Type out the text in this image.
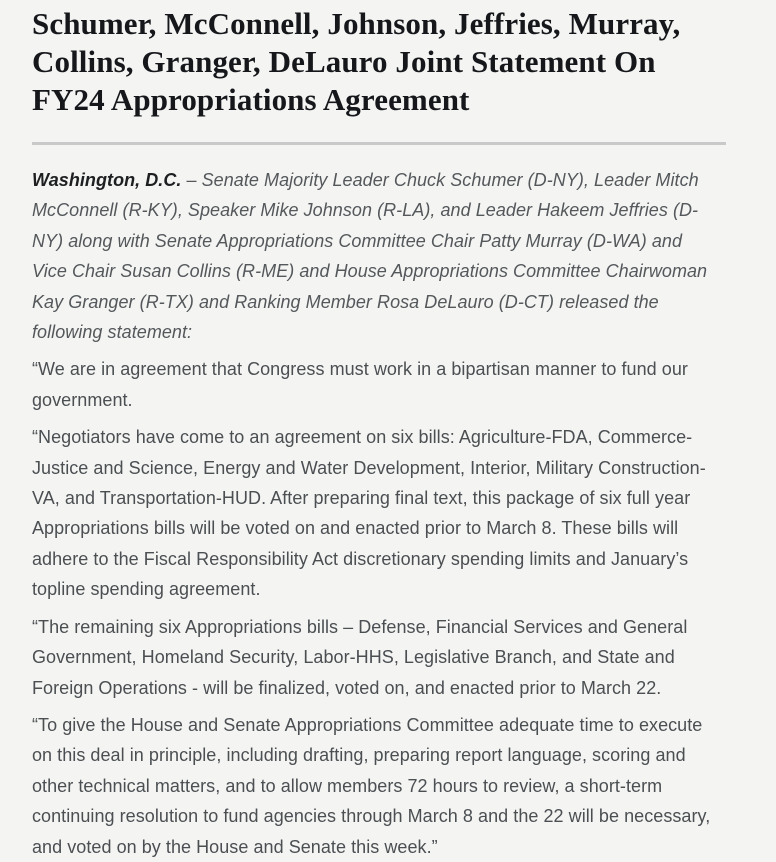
Schumer, McConnell, Johnson, Jeffries, Murray, Collins, Granger, DeLauro Joint Statement On FY24 Appropriations Agreement

Washington, D.C. – Senate Majority Leader Chuck Schumer (D-NY), Leader Mitch McConnell (R-KY), Speaker Mike Johnson (R-LA), and Leader Hakeem Jeffries (D-NY) along with Senate Appropriations Committee Chair Patty Murray (D-WA) and Vice Chair Susan Collins (R-ME) and House Appropriations Committee Chairwoman Kay Granger (R-TX) and Ranking Member Rosa DeLauro (D-CT) released the following statement:

“We are in agreement that Congress must work in a bipartisan manner to fund our government.

“Negotiators have come to an agreement on six bills: Agriculture-FDA, Commerce-Justice and Science, Energy and Water Development, Interior, Military Construction-VA, and Transportation-HUD. After preparing final text, this package of six full year Appropriations bills will be voted on and enacted prior to March 8. These bills will adhere to the Fiscal Responsibility Act discretionary spending limits and January’s topline spending agreement.

“The remaining six Appropriations bills – Defense, Financial Services and General Government, Homeland Security, Labor-HHS, Legislative Branch, and State and Foreign Operations - will be finalized, voted on, and enacted prior to March 22.

“To give the House and Senate Appropriations Committee adequate time to execute on this deal in principle, including drafting, preparing report language, scoring and other technical matters, and to allow members 72 hours to review, a short-term continuing resolution to fund agencies through March 8 and the 22 will be necessary, and voted on by the House and Senate this week.”
